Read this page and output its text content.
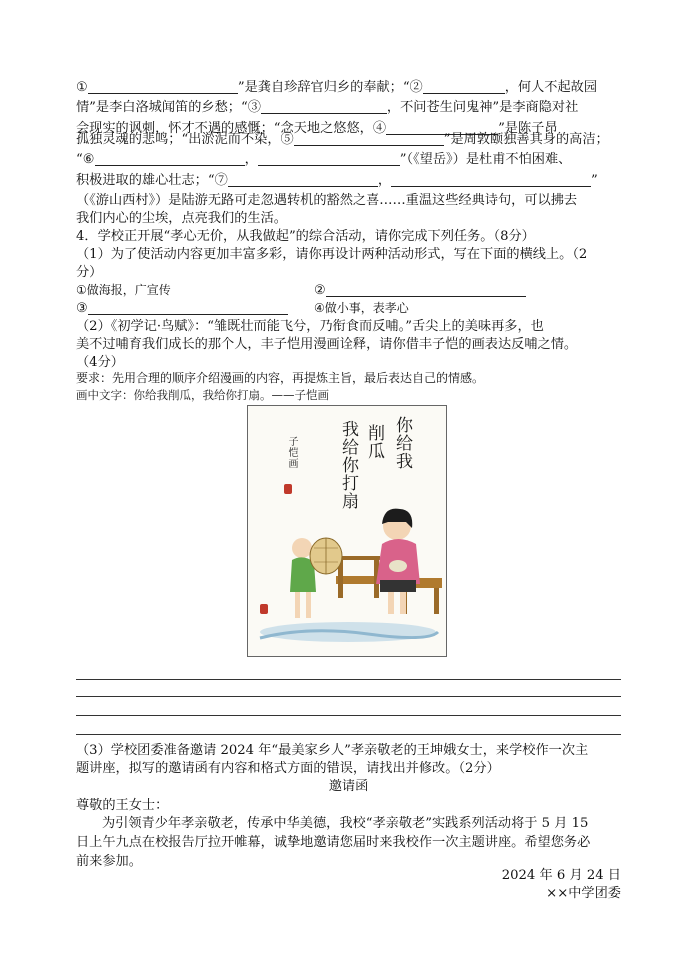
①	”是龚自珍辞官归乡的奉献；“②	，何人不起故园
情”是李白洛城闻笛的乡愁；“③	，不问苍生问鬼神”是李商隐对社
会现实的讽刺，怀才不遇的感慨；“念天地之悠悠，④	”是陈子昂

孤独灵魂的悲鸣；“出淤泥而不染，⑤	”是周敦颐独善其身的高洁；
“⑥	，	”（《望岳》）是杜甫不怕困难、
积极进取的雄心壮志；“⑦	，	”
（《游山西村》）是陆游无路可走忽遇转机的豁然之喜……重温这些经典诗句，可以拂去
我们内心的尘埃，点亮我们的生活。
4．学校正开展“孝心无价，从我做起”的综合活动，请你完成下列任务。（8分）
（1）为了使活动内容更加丰富多彩，请你再设计两种活动形式，写在下面的横线上。（2
分）
①做海报，广宣传	②
③	④做小事，表孝心
（2）《初学记·鸟赋》：“雏既壮而能飞兮，乃衔食而反哺。”舌尖上的美味再多，也
美不过哺育我们成长的那个人，丰子恺用漫画诠释，请你借丰子恺的画表达反哺之情。
（4分）
要求：先用合理的顺序介绍漫画的内容，再提炼主旨，最后表达自己的情感。
画中文字：你给我削瓜，我给你打扇。——子恺画
你给我
削瓜
我给你打扇
子恺画
（3）学校团委准备邀请 2024 年“最美家乡人”孝亲敬老的王坤娥女士，来学校作一次主
题讲座，拟写的邀请函有内容和格式方面的错误，请找出并修改。（2分）
邀请函
尊敬的王女士：
为引领青少年孝亲敬老，传承中华美德，我校“孝亲敬老”实践系列活动将于 5 月 15
日上午九点在校报告厅拉开帷幕，诚挚地邀请您届时来我校作一次主题讲座。希望您务必
前来参加。
2024 年 6 月 24 日
××中学团委
